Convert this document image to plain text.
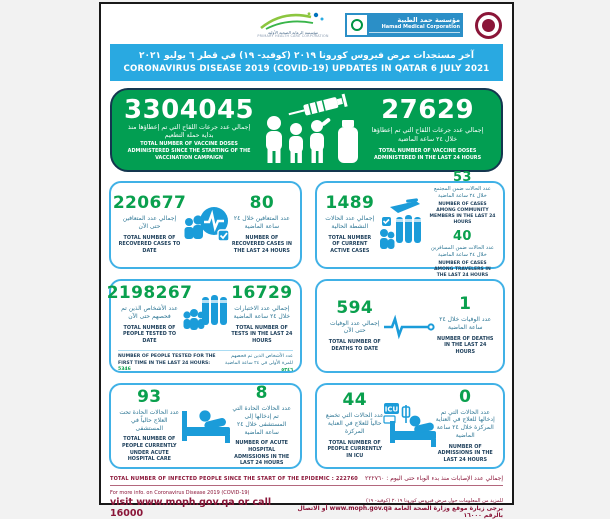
مؤسسة الرعاية الصحية الأولية
PRIMARY HEALTH CARE CORPORATION
مؤسسة حمد الطبية
Hamad Medical Corporation
آخر مستجدات مرض فيروس كورونا ٢٠١٩ (كوفيد- ١٩) في قطر ٦ يوليو ٢٠٢١
CORONAVIRUS DISEASE 2019 (COVID-19) UPDATES IN QATAR 6 JULY 2021
3304045
إجمالي عدد جرعات اللقاح التي تم إعطاؤها منذ بداية حملة التطعيم
TOTAL NUMBER OF VACCINE DOSES ADMINISTERED SINCE THE STARTING OF THE VACCINATION CAMPAIGN
27629
إجمالي عدد جرعات اللقاح التي تم إعطاؤها خلال ٢٤ ساعة الماضية
TOTAL NUMBER OF VACCINE DOSES ADMINISTERED IN THE LAST 24 HOURS
220677
إجمالي عدد المتعافين حتى الآن
TOTAL NUMBER OF RECOVERED CASES TO DATE
80
عدد المتعافين خلال ٢٤ ساعة الماضية
NUMBER OF RECOVERED CASES IN THE LAST 24 HOURS
1489
إجمالي عدد الحالات النشطة الحالية
TOTAL NUMBER OF CURRENT ACTIVE CASES
53
عدد الحالات ضمن المجتمع خلال ٢٤ ساعة الماضية
NUMBER OF CASES AMONG COMMUNITY MEMBERS IN THE LAST 24 HOURS
40
عدد الحالات ضمن المسافرين خلال ٢٤ ساعة الماضية
NUMBER OF CASES AMONG TRAVELERS IN THE LAST 24 HOURS
2198267
عدد الأشخاص الذين تم فحصهم حتى الآن
TOTAL NUMBER OF PEOPLE TESTED TO DATE
16729
إجمالي عدد الاختبارات خلال ٢٤ ساعة الماضية
TOTAL NUMBER OF TESTS IN THE LAST 24 HOURS
NUMBER OF PEOPLE TESTED FOR THE FIRST TIME IN THE LAST 24 HOURS: 5346
عدد الأشخاص الذين تم فحصهم للمرة الأولى في ٢٤ ساعة الماضية ٥٣٤٦
594
إجمالي عدد الوفيات حتى الآن
TOTAL NUMBER OF DEATHS TO DATE
1
عدد الوفيات خلال ٢٤ ساعة الماضية
NUMBER OF DEATHS IN THE LAST 24 HOURS
93
عدد الحالات الحادة تحت العلاج حالياً في المستشفى
TOTAL NUMBER OF PEOPLE CURRENTLY UNDER ACUTE HOSPITAL CARE
8
عدد الحالات الحادة التي تم إدخالها إلى المستشفى خلال ٢٤ ساعة الماضية
NUMBER OF ACUTE HOSPITAL ADMISSIONS IN THE LAST 24 HOURS
44
عدد الحالات التي تخضع حالياً للعلاج في العناية المركزة
TOTAL NUMBER OF PEOPLE CURRENTLY IN ICU
ICU
0
عدد الحالات التي تم إدخالها للعلاج في العناية المركزة خلال ٢٤ ساعة الماضية
NUMBER OF ADMISSIONS IN THE LAST 24 HOURS
TOTAL NUMBER OF INFECTED PEOPLE SINCE THE START OF THE EPIDEMIC : 222760 إجمالي عدد الإصابات منذ بدء الوباء حتى اليوم : ٢٢٢٧٦٠
For more info. on Coronavirus Disease 2019 (COVID-19)
visit www.moph.gov.qa or call 16000
للمزيد من المعلومات حول مرض فيروس كورونا ٢٠١٩ (كوفيد- ١٩)
يرجى زيارة موقع وزارة الصحة العامة www.moph.gov.qa أو الاتصال بالرقم ١٦٠٠٠
